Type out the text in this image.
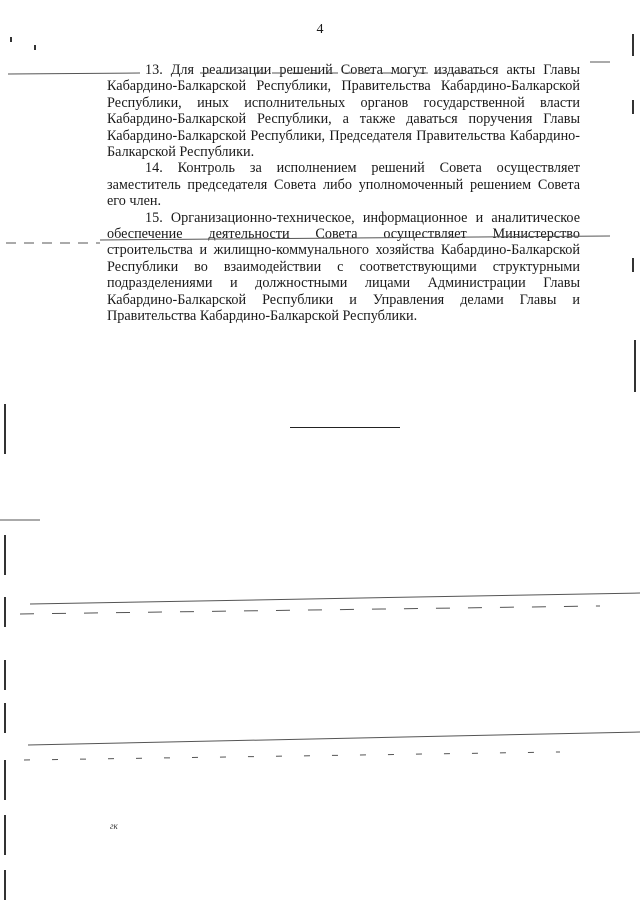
4

13. Для реализации решений Совета могут издаваться акты Главы Кабардино-Балкарской Республики, Правительства Кабардино-Балкарской Республики, иных исполнительных органов государственной власти Кабардино-Балкарской Республики, а также даваться поручения Главы Кабардино-Балкарской Республики, Председателя Правительства Кабардино-Балкарской Республики.

14. Контроль за исполнением решений Совета осуществляет заместитель председателя Совета либо уполномоченный решением Совета его член.

15. Организационно-техническое, информационное и аналитическое обеспечение деятельности Совета осуществляет Министерство строительства и жилищно-коммунального хозяйства Кабардино-Балкарской Республики во взаимодействии с соответствующими структурными подразделениями и должностными лицами Администрации Главы Кабардино-Балкарской Республики и Управления делами Главы и Правительства Кабардино-Балкарской Республики.

гк
